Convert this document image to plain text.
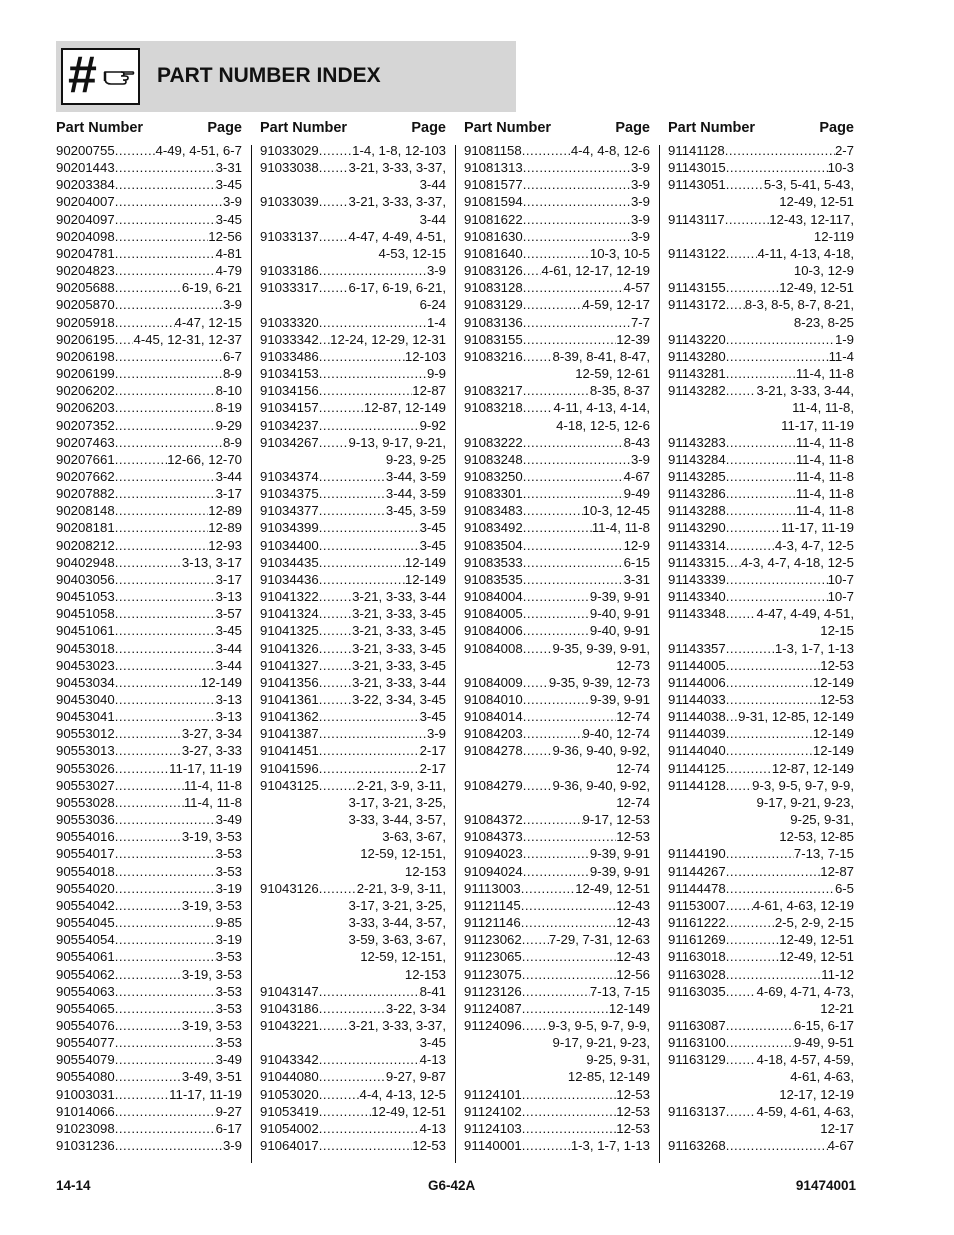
#	PART NUMBER INDEX
Part Number	Page
90200755 .....	4-49, 4-51, 6-7
90201443 .....	3-31
90203384 .....	3-45
90204007 .....	3-9
90204097 .....	3-45
90204098 .....	12-56
90204781 .....	4-81
90204823 .....	4-79
90205688 .....	6-19, 6-21
90205870 .....	3-9
90205918 .....	4-47, 12-15
90206195 ..... 4-45, 12-31, 12-37
90206198 .....	6-7
90206199 .....	8-9
90206202 .....	8-10
90206203 .....	8-19
90207352 .....	9-29
90207463 .....	8-9
90207661 .....	12-66, 12-70
90207662 .....	3-44
90207882 .....	3-17
90208148 .....	12-89
90208181 .....	12-89
90208212 .....	12-93
90402948 .....	3-13, 3-17
90403056 .....	3-17
90451053 .....	3-13
90451058 .....	3-57
90451061 .....	3-45
90453018 .....	3-44
90453023 .....	3-44
90453034 .....	12-149
90453040 .....	3-13
90453041 .....	3-13
90553012 .....	3-27, 3-34
90553013 .....	3-27, 3-33
90553026 .....	11-17, 11-19
90553027 .....	11-4, 11-8
90553028 .....	11-4, 11-8
90553036 .....	3-49
90554016 .....	3-19, 3-53
90554017 .....	3-53
90554018 .....	3-53
90554020 .....	3-19
90554042 .....	3-19, 3-53
90554045 .....	9-85
90554054 .....	3-19
90554061 .....	3-53
90554062 .....	3-19, 3-53
90554063 .....	3-53
90554065 .....	3-53
90554076 .....	3-19, 3-53
90554077 .....	3-53
90554079 .....	3-49
90554080 .....	3-49, 3-51
91003031 .....	11-17, 11-19
91014066 .....	9-27
91023098 .....	6-17
91031236 .....	3-9
Part Number	Page
91033029 .....	1-4, 1-8, 12-103
91033038 ..... 3-21, 3-33, 3-37,
3-44
91033039 ..... 3-21, 3-33, 3-37,
3-44
91033137 ..... 4-47, 4-49, 4-51,
4-53, 12-15
91033186 .....	3-9
91033317 ..... 6-17, 6-19, 6-21,
6-24
91033320 .....	1-4
91033342 ..... 12-24, 12-29, 12-31
91033486 .....	12-103
91034153 .....	9-9
91034156 .....	12-87
91034157 .....	12-87, 12-149
91034237 .....	9-92
91034267 ..... 9-13, 9-17, 9-21,
9-23, 9-25
91034374 .....	3-44, 3-59
91034375 .....	3-44, 3-59
91034377 .....	3-45, 3-59
91034399 .....	3-45
91034400 .....	3-45
91034435 .....	12-149
91034436 .....	12-149
91041322 .....	3-21, 3-33, 3-44
91041324 .....	3-21, 3-33, 3-45
91041325 .....	3-21, 3-33, 3-45
91041326 .....	3-21, 3-33, 3-45
91041327 .....	3-21, 3-33, 3-45
91041356 .....	3-21, 3-33, 3-44
91041361 .....	3-22, 3-34, 3-45
91041362 .....	3-45
91041387 .....	3-9
91041451 .....	2-17
91041596 .....	2-17
91043125 .....	2-21, 3-9, 3-11,
3-17, 3-21, 3-25,
3-33, 3-44, 3-57,
3-63, 3-67,
12-59, 12-151,
12-153
91043126 .....	2-21, 3-9, 3-11,
3-17, 3-21, 3-25,
3-33, 3-44, 3-57,
3-59, 3-63, 3-67,
12-59, 12-151,
12-153
91043147 .....	8-41
91043186 .....	3-22, 3-34
91043221 ..... 3-21, 3-33, 3-37,
3-45
91043342 .....	4-13
91044080 .....	9-27, 9-87
91053020 .....	4-4, 4-13, 12-5
91053419 .....	12-49, 12-51
91054002 .....	4-13
91064017 .....	12-53
Part Number	Page
91081158 .....	4-4, 4-8, 12-6
91081313 .....	3-9
91081577 .....	3-9
91081594 .....	3-9
91081622 .....	3-9
91081630 .....	3-9
91081640 .....	10-3, 10-5
91083126 ..... 4-61, 12-17, 12-19
91083128 .....	4-57
91083129 .....	4-59, 12-17
91083136 .....	7-7
91083155 .....	12-39
91083216 ..... 8-39, 8-41, 8-47,
12-59, 12-61
91083217 .....	8-35, 8-37
91083218 ..... 4-11, 4-13, 4-14,
4-18, 12-5, 12-6
91083222 .....	8-43
91083248 .....	3-9
91083250 .....	4-67
91083301 .....	9-49
91083483 .....	10-3, 12-45
91083492 .....	11-4, 11-8
91083504 .....	12-9
91083533 .....	6-15
91083535 .....	3-31
91084004 .....	9-39, 9-91
91084005 .....	9-40, 9-91
91084006 .....	9-40, 9-91
91084008 ..... 9-35, 9-39, 9-91,
12-73
91084009 ..... 9-35, 9-39, 12-73
91084010 .....	9-39, 9-91
91084014 .....	12-74
91084203 .....	9-40, 12-74
91084278 ..... 9-36, 9-40, 9-92,
12-74
91084279 ..... 9-36, 9-40, 9-92,
12-74
91084372 .....	9-17, 12-53
91084373 .....	12-53
91094023 .....	9-39, 9-91
91094024 .....	9-39, 9-91
91113003 .....	12-49, 12-51
91121145 .....	12-43
91121146 .....	12-43
91123062 ..... 7-29, 7-31, 12-63
91123065 .....	12-43
91123075 .....	12-56
91123126 .....	7-13, 7-15
91124087 .....	12-149
91124096 ..... 9-3, 9-5, 9-7, 9-9,
9-17, 9-21, 9-23,
9-25, 9-31,
12-85, 12-149
91124101 .....	12-53
91124102 .....	12-53
91124103 .....	12-53
91140001 .....	1-3, 1-7, 1-13
Part Number	Page
91141128 .....	2-7
91143015 .....	10-3
91143051 .....	5-3, 5-41, 5-43,
12-49, 12-51
91143117 .....	12-43, 12-117,
12-119
91143122 ..... 4-11, 4-13, 4-18,
10-3, 12-9
91143155 .....	12-49, 12-51
91143172 ..... 8-3, 8-5, 8-7, 8-21,
8-23, 8-25
91143220 .....	1-9
91143280 .....	11-4
91143281 .....	11-4, 11-8
91143282 ..... 3-21, 3-33, 3-44,
11-4, 11-8,
11-17, 11-19
91143283 .....	11-4, 11-8
91143284 .....	11-4, 11-8
91143285 .....	11-4, 11-8
91143286 .....	11-4, 11-8
91143288 .....	11-4, 11-8
91143290 .....	11-17, 11-19
91143314 .....	4-3, 4-7, 12-5
91143315 ..... 4-3, 4-7, 4-18, 12-5
91143339 .....	10-7
91143340 .....	10-7
91143348 ..... 4-47, 4-49, 4-51,
12-15
91143357 .....	1-3, 1-7, 1-13
91144005 .....	12-53
91144006 .....	12-149
91144033 .....	12-53
91144038 ..... 9-31, 12-85, 12-149
91144039 .....	12-149
91144040 .....	12-149
91144125 .....	12-87, 12-149
91144128 ..... 9-3, 9-5, 9-7, 9-9,
9-17, 9-21, 9-23,
9-25, 9-31,
12-53, 12-85
91144190 .....	7-13, 7-15
91144267 .....	12-87
91144478 .....	6-5
91153007 ..... 4-61, 4-63, 12-19
91161222 .....	2-5, 2-9, 2-15
91161269 .....	12-49, 12-51
91163018 .....	12-49, 12-51
91163028 .....	11-12
91163035 ..... 4-69, 4-71, 4-73,
12-21
91163087 .....	6-15, 6-17
91163100 .....	9-49, 9-51
91163129 ..... 4-18, 4-57, 4-59,
4-61, 4-63,
12-17, 12-19
91163137 ..... 4-59, 4-61, 4-63,
12-17
91163268 .....	4-67
14-14	G6-42A	91474001
